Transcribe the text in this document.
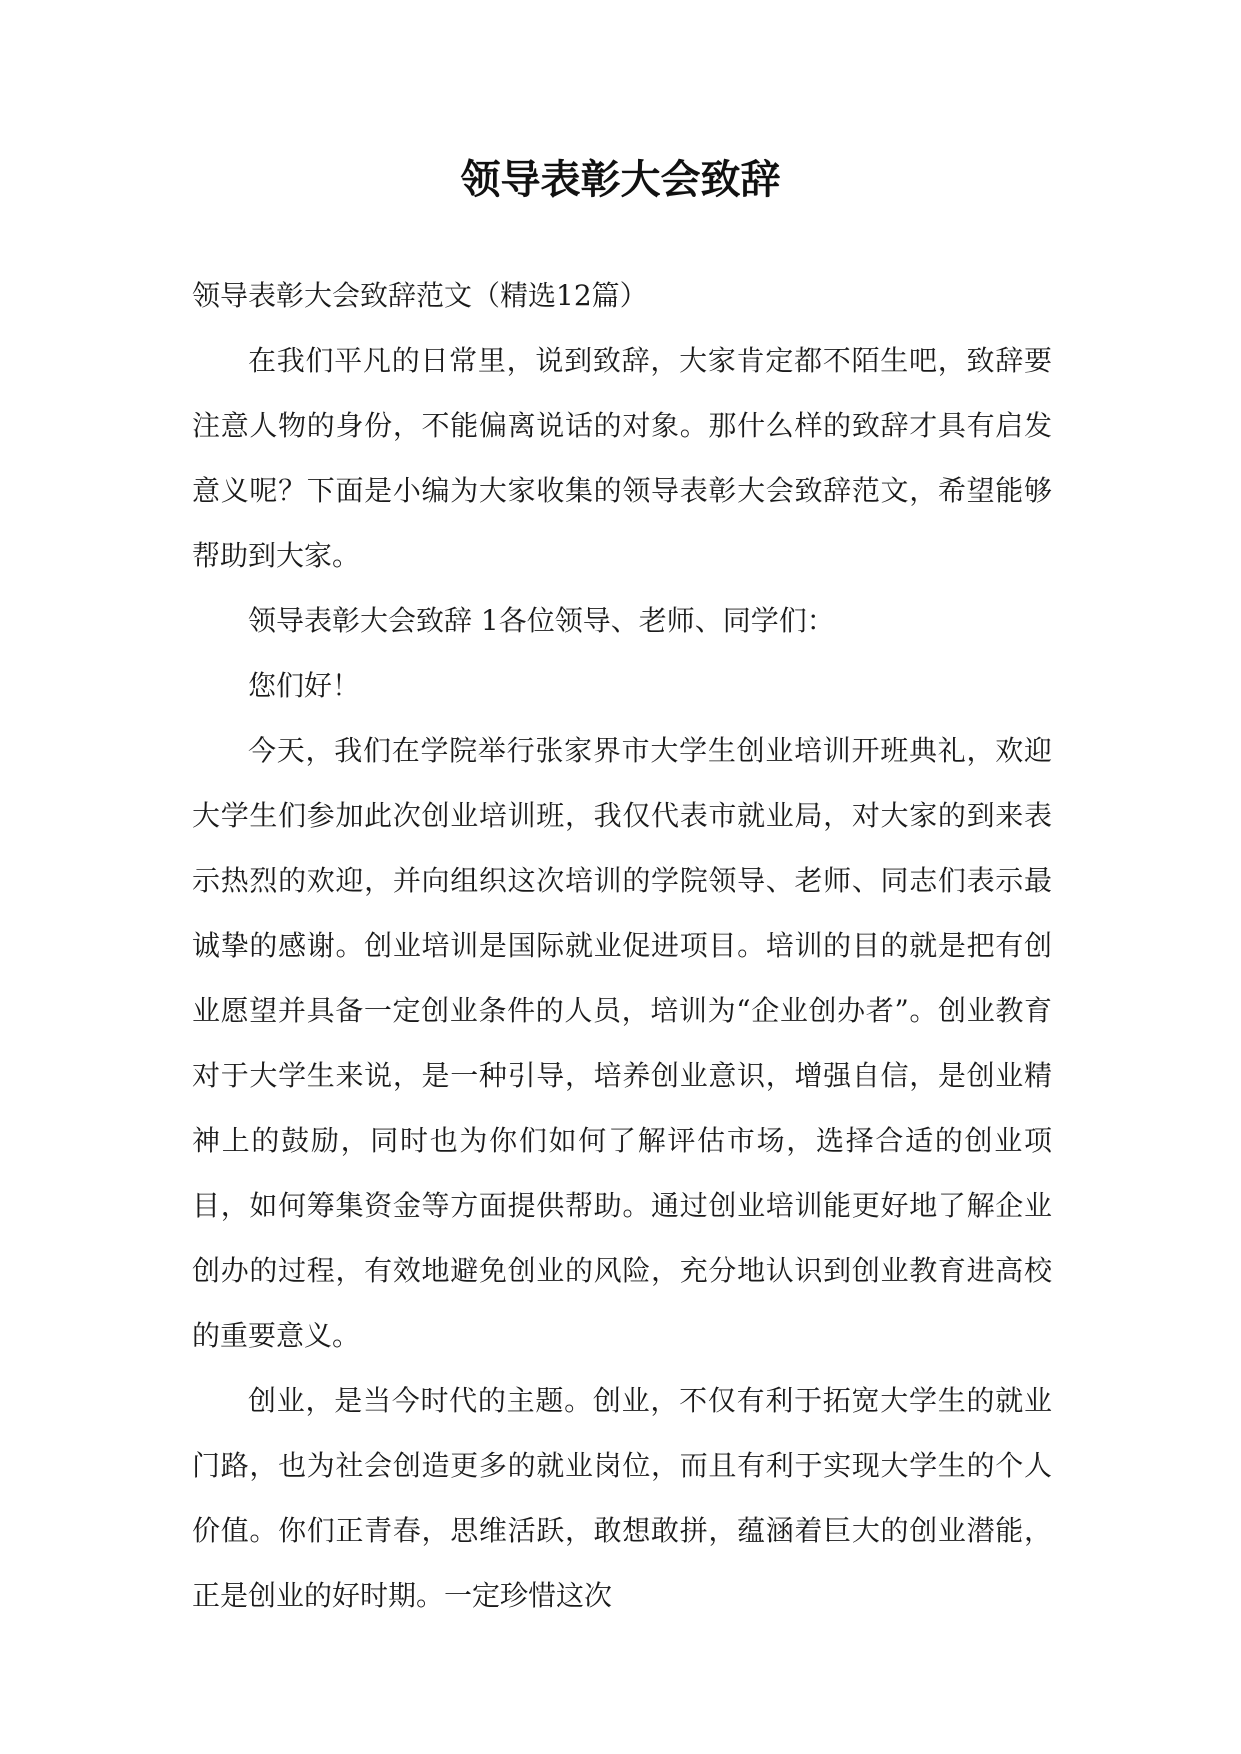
领导表彰大会致辞

领导表彰大会致辞范文（精选12篇）

在我们平凡的日常里，说到致辞，大家肯定都不陌生吧，致辞要注意人物的身份，不能偏离说话的对象。那什么样的致辞才具有启发意义呢？下面是小编为大家收集的领导表彰大会致辞范文，希望能够帮助到大家。

领导表彰大会致辞 1各位领导、老师、同学们：

您们好！

今天，我们在学院举行张家界市大学生创业培训开班典礼，欢迎大学生们参加此次创业培训班，我仅代表市就业局，对大家的到来表示热烈的欢迎，并向组织这次培训的学院领导、老师、同志们表示最诚挚的感谢。创业培训是国际就业促进项目。培训的目的就是把有创业愿望并具备一定创业条件的人员，培训为“企业创办者”。创业教育对于大学生来说，是一种引导，培养创业意识，增强自信，是创业精神上的鼓励，同时也为你们如何了解评估市场，选择合适的创业项目，如何筹集资金等方面提供帮助。通过创业培训能更好地了解企业创办的过程，有效地避免创业的风险，充分地认识到创业教育进高校的重要意义。

创业，是当今时代的主题。创业，不仅有利于拓宽大学生的就业门路，也为社会创造更多的就业岗位，而且有利于实现大学生的个人价值。你们正青春，思维活跃，敢想敢拼，蕴涵着巨大的创业潜能，正是创业的好时期。一定珍惜这次
